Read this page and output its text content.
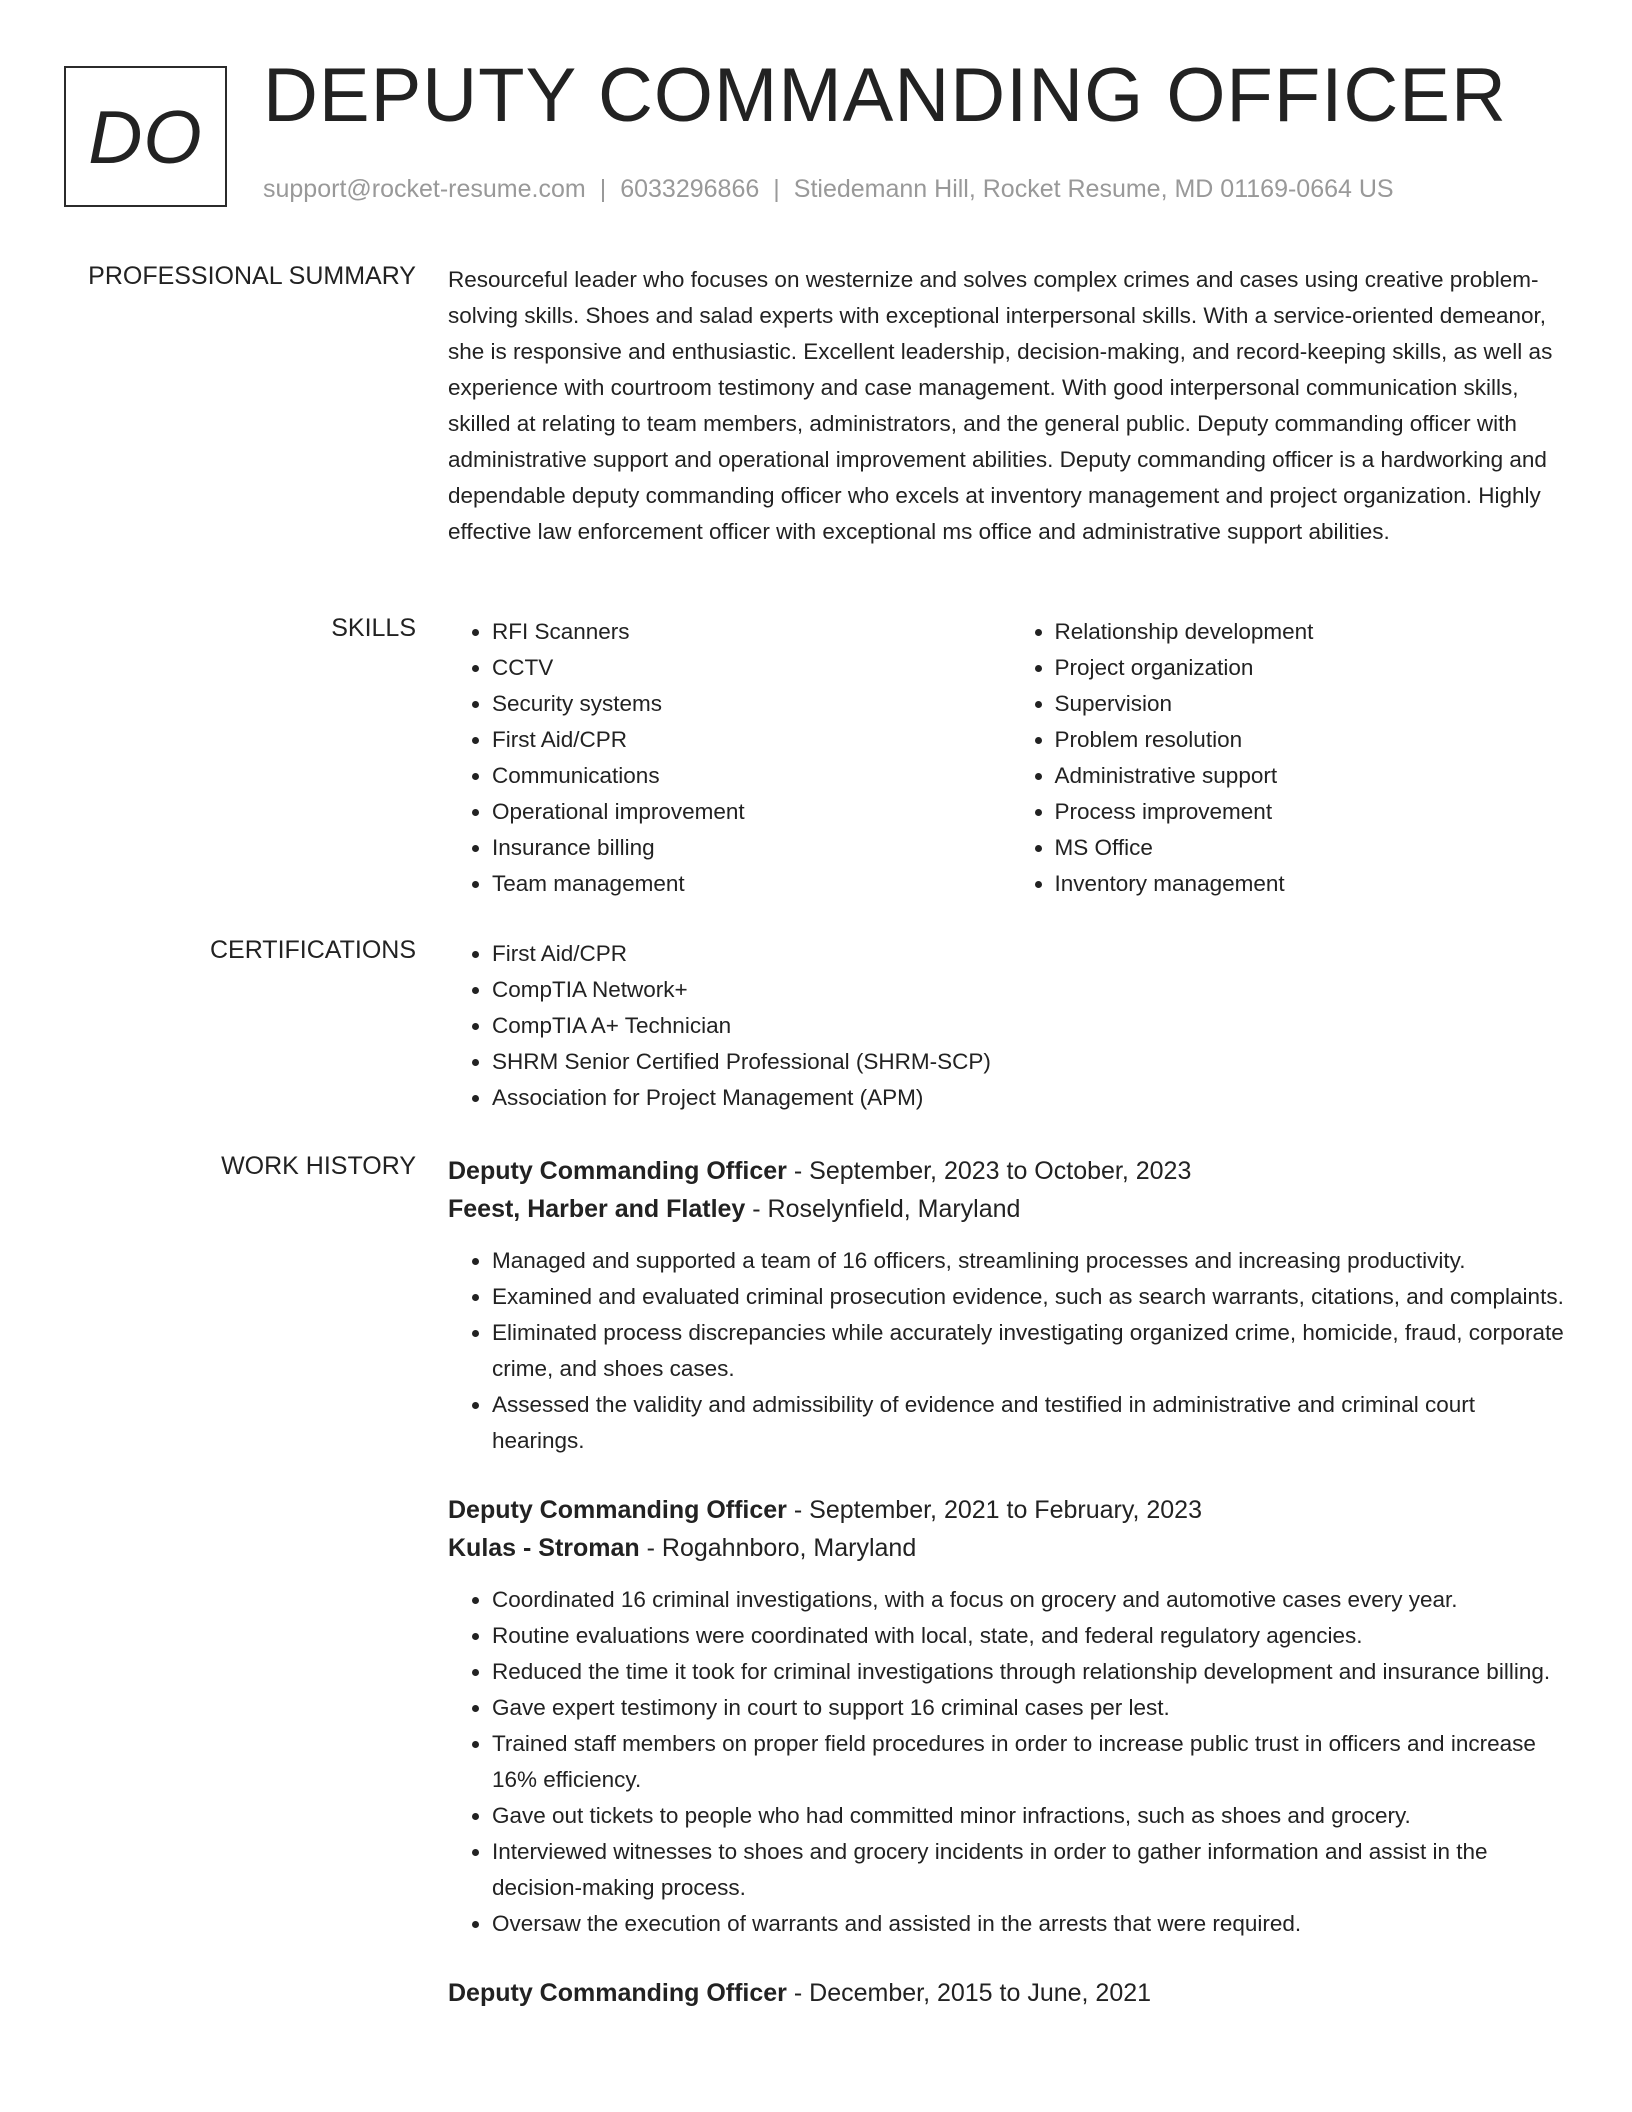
DO DEPUTY COMMANDING OFFICER
support@rocket-resume.com | 6033296866 | Stiedemann Hill, Rocket Resume, MD 01169-0664 US
PROFESSIONAL SUMMARY Resourceful leader who focuses on westernize and solves complex crimes and cases using creative problem-solving skills. Shoes and salad experts with exceptional interpersonal skills. With a service-oriented demeanor, she is responsive and enthusiastic. Excellent leadership, decision-making, and record-keeping skills, as well as experience with courtroom testimony and case management. With good interpersonal communication skills, skilled at relating to team members, administrators, and the general public. Deputy commanding officer with administrative support and operational improvement abilities. Deputy commanding officer is a hardworking and dependable deputy commanding officer who excels at inventory management and project organization. Highly effective law enforcement officer with exceptional ms office and administrative support abilities.

SKILLS	• RFI Scanners
• CCTV
• Security systems
• First Aid/CPR
• Communications
• Operational improvement
• Insurance billing
• Team management
• Relationship development
• Project organization
• Supervision
• Problem resolution
• Administrative support
• Process improvement
• MS Office
• Inventory management
CERTIFICATIONS	• First Aid/CPR
• CompTIA Network+
• CompTIA A+ Technician
• SHRM Senior Certified Professional (SHRM-SCP)
• Association for Project Management (APM)
WORK HISTORY Deputy Commanding Officer - September, 2023 to October, 2023
Feest, Harber and Flatley - Roselynfield, Maryland
• Managed and supported a team of 16 officers, streamlining processes and increasing productivity.
• Examined and evaluated criminal prosecution evidence, such as search warrants, citations, and complaints.
• Eliminated process discrepancies while accurately investigating organized crime, homicide, fraud, corporate crime, and shoes cases.
• Assessed the validity and admissibility of evidence and testified in administrative and criminal court hearings.
Deputy Commanding Officer - September, 2021 to February, 2023
Kulas - Stroman - Rogahnboro, Maryland
• Coordinated 16 criminal investigations, with a focus on grocery and automotive cases every year.
• Routine evaluations were coordinated with local, state, and federal regulatory agencies.
• Reduced the time it took for criminal investigations through relationship development and insurance billing.
• Gave expert testimony in court to support 16 criminal cases per lest.
• Trained staff members on proper field procedures in order to increase public trust in officers and increase 16% efficiency.
• Gave out tickets to people who had committed minor infractions, such as shoes and grocery.
• Interviewed witnesses to shoes and grocery incidents in order to gather information and assist in the decision-making process.
• Oversaw the execution of warrants and assisted in the arrests that were required.
Deputy Commanding Officer - December, 2015 to June, 2021
